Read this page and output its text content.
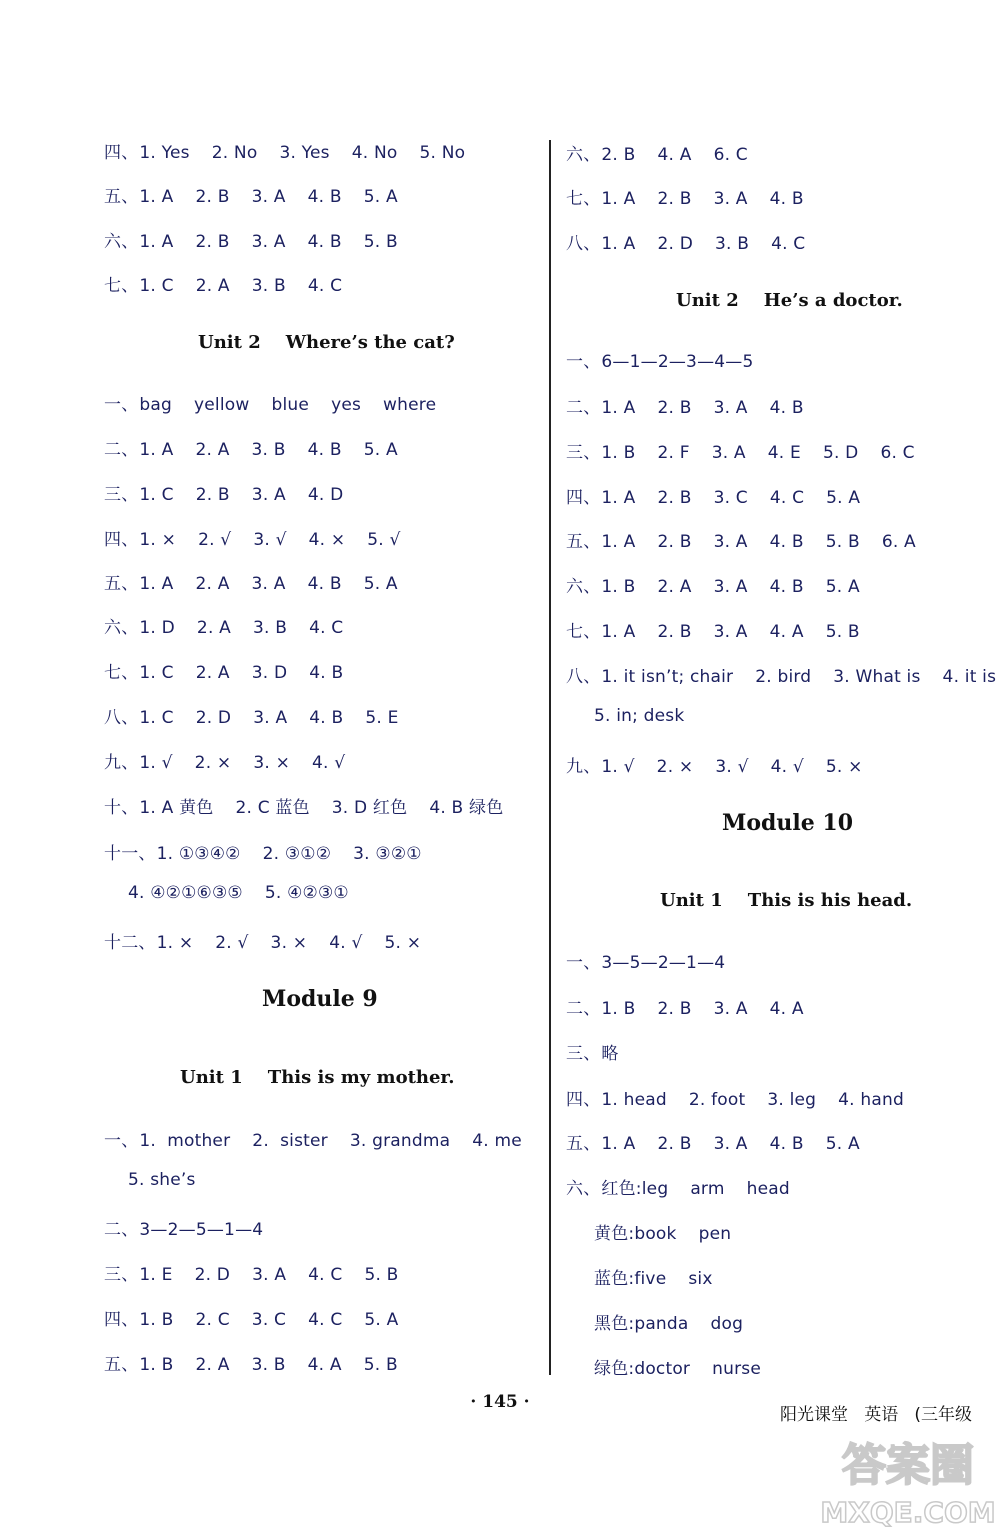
四、1. Yes 2. No 3. Yes 4. No 5. No
五、1. A 2. B 3. A 4. B 5. A
六、1. A 2. B 3. A 4. B 5. B
七、1. C 2. A 3. B 4. C
Unit 2    Where’s the cat?
一、bag yellow blue yes where
二、1. A 2. A 3. B 4. B 5. A
三、1. C 2. B 3. A 4. D
四、1. × 2. √ 3. √ 4. × 5. √
五、1. A 2. A 3. A 4. B 5. A
六、1. D 2. A 3. B 4. C
七、1. C 2. A 3. D 4. B
八、1. C 2. D 3. A 4. B 5. E
九、1. √ 2. × 3. × 4. √
十、1. A 黄色 2. C 蓝色 3. D 红色 4. B 绿色
十一、1. ①③④② 2. ③①② 3. ③②①
4. ④②①⑥③⑤ 5. ④②③①
十二、1. × 2. √ 3. × 4. √ 5. ×
Module 9
Unit 1    This is my mother.
一、1.  mother 2.  sister 3. grandma 4. me
5. she’s
二、3—2—5—1—4
三、1. E 2. D 3. A 4. C 5. B
四、1. B 2. C 3. C 4. C 5. A
五、1. B 2. A 3. B 4. A 5. B
六、2. B 4. A 6. C
七、1. A 2. B 3. A 4. B
八、1. A 2. D 3. B 4. C
Unit 2    He’s a doctor.
一、6—1—2—3—4—5
二、1. A 2. B 3. A 4. B
三、1. B 2. F 3. A 4. E 5. D 6. C
四、1. A 2. B 3. C 4. C 5. A
五、1. A 2. B 3. A 4. B 5. B 6. A
六、1. B 2. A 3. A 4. B 5. A
七、1. A 2. B 3. A 4. A 5. B
八、1. it isn’t; chair 2. bird 3. What is 4. it is
5. in; desk
九、1. √ 2. × 3. √ 4. √ 5. ×
Module 10
Unit 1    This is his head.
一、3—5—2—1—4
二、1. B 2. B 3. A 4. A
三、略
四、1. head 2. foot 3. leg 4. hand
五、1. A 2. B 3. A 4. B 5. A
六、红色:leg arm head
黄色:book pen
蓝色:five six
黑色:panda dog
绿色:doctor nurse
· 145 ·
阳光课堂   英语   (三年级
答案圈
MXQE.COM
